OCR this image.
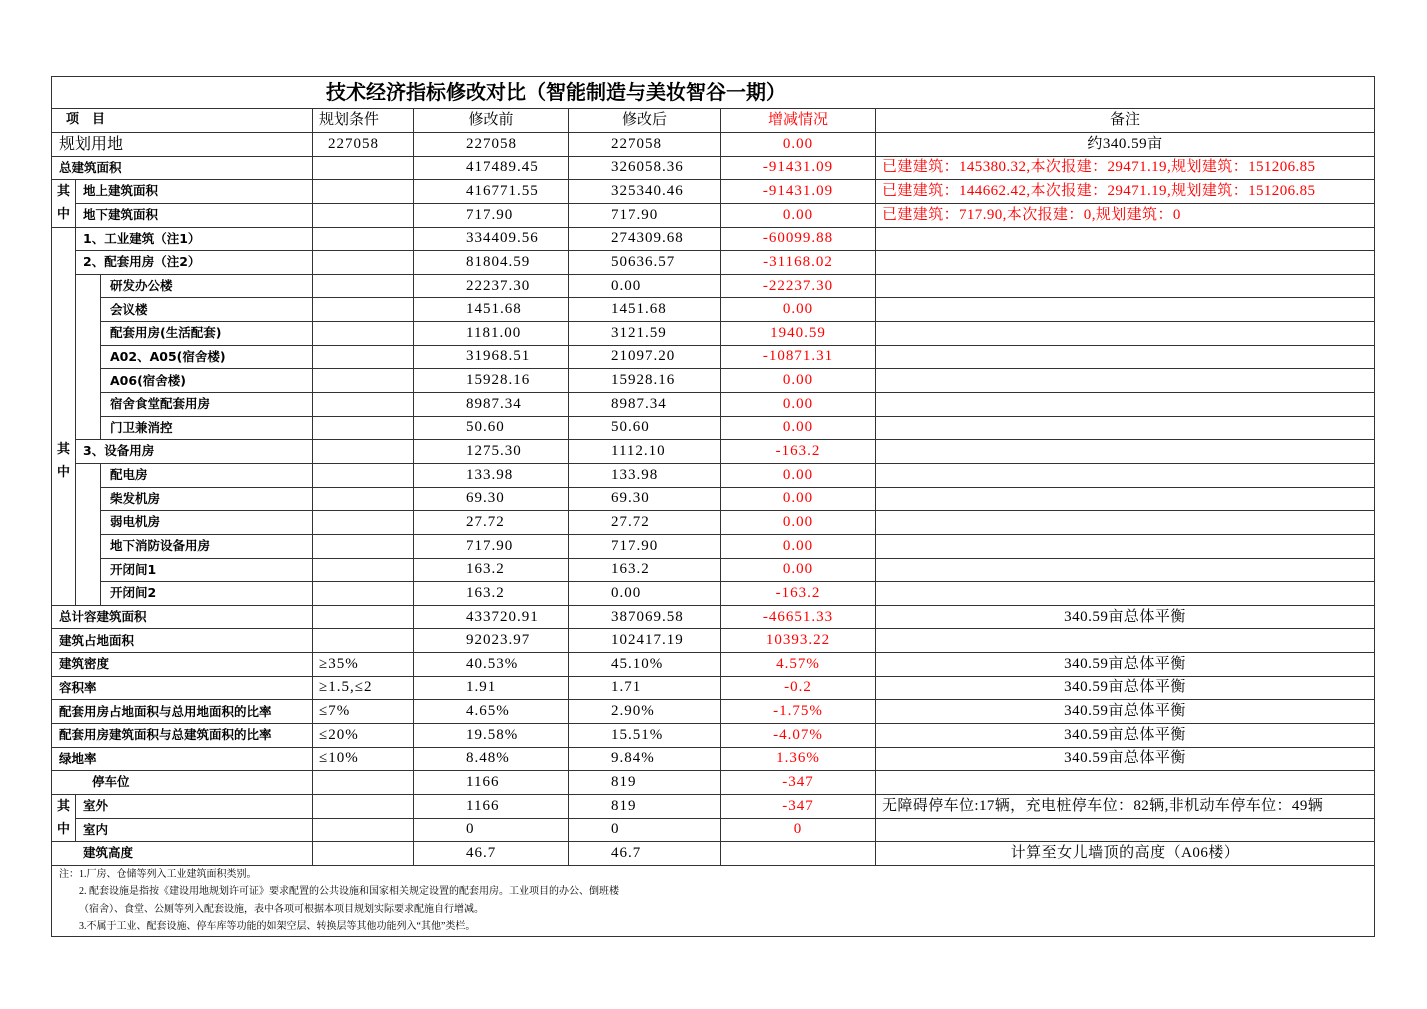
技术经济指标修改对比（智能制造与美妆智谷一期）							
项　目			规划条件	修改前	修改后	增减情况	备注
规划用地			227058	227058	227058	0.00	约340.59亩
总建筑面积				417489.45	326058.36	-91431.09	已建建筑：145380.32,本次报建：29471.19,规划建筑：151206.85
其
中	地上建筑面积			416771.55	325340.46	-91431.09	已建建筑：144662.42,本次报建：29471.19,规划建筑：151206.85
	地下建筑面积			717.90	717.90	0.00	已建建筑：717.90,本次报建：0,规划建筑：0
其
中	1、工业建筑（注1）			334409.56	274309.68	-60099.88	
	2、配套用房（注2）			81804.59	50636.57	-31168.02	
		研发办公楼		22237.30	0.00	-22237.30	
		会议楼		1451.68	1451.68	0.00	
		配套用房(生活配套)		1181.00	3121.59	1940.59	
		A02、A05(宿舍楼)		31968.51	21097.20	-10871.31	
		A06(宿舍楼)		15928.16	15928.16	0.00	
		宿舍食堂配套用房		8987.34	8987.34	0.00	
		门卫兼消控		50.60	50.60	0.00	
	3、设备用房			1275.30	1112.10	-163.2	
		配电房		133.98	133.98	0.00	
		柴发机房		69.30	69.30	0.00	
		弱电机房		27.72	27.72	0.00	
		地下消防设备用房		717.90	717.90	0.00	
		开闭间1		163.2	163.2	0.00	
		开闭间2		163.2	0.00	-163.2	
总计容建筑面积				433720.91	387069.58	-46651.33	340.59亩总体平衡
建筑占地面积				92023.97	102417.19	10393.22	
建筑密度			≥35%	40.53%	45.10%	4.57%	340.59亩总体平衡
容积率			≥1.5,≤2	1.91	1.71	-0.2	340.59亩总体平衡
配套用房占地面积与总用地面积的比率			≤7%	4.65%	2.90%	-1.75%	340.59亩总体平衡
配套用房建筑面积与总建筑面积的比率			≤20%	19.58%	15.51%	-4.07%	340.59亩总体平衡
绿地率			≤10%	8.48%	9.84%	1.36%	340.59亩总体平衡
停车位				1166	819	-347	
其
中	室外			1166	819	-347	无障碍停车位:17辆，充电桩停车位：82辆,非机动车停车位：49辆
	室内			0	0	0	
建筑高度				46.7	46.7		计算至女儿墙顶的高度（A06楼）

注：1.厂房、仓储等列入工业建筑面积类别。
2. 配套设施是指按《建设用地规划许可证》要求配置的公共设施和国家相关规定设置的配套用房。工业项目的办公、倒班楼
（宿舍）、食堂、公厕等列入配套设施，表中各项可根据本项目规划实际要求配施自行增减。
3.不属于工业、配套设施、停车库等功能的如架空层、转换层等其他功能列入“其他”类栏。							
